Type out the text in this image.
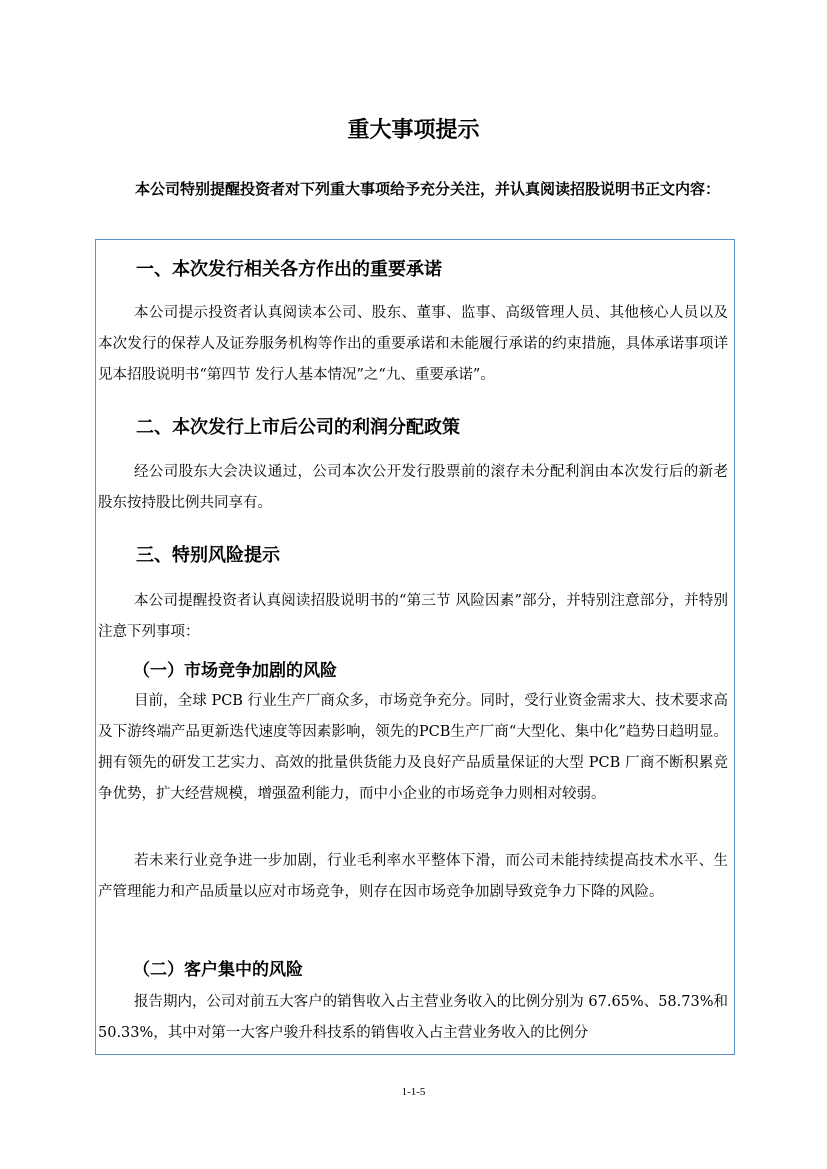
重大事项提示
本公司特别提醒投资者对下列重大事项给予充分关注，并认真阅读招股说明书正文内容：
一、本次发行相关各方作出的重要承诺
本公司提示投资者认真阅读本公司、股东、董事、监事、高级管理人员、其他核心人员以及本次发行的保荐人及证券服务机构等作出的重要承诺和未能履行承诺的约束措施，具体承诺事项详见本招股说明书“第四节 发行人基本情况”之“九、重要承诺”。
二、本次发行上市后公司的利润分配政策
经公司股东大会决议通过，公司本次公开发行股票前的滚存未分配利润由本次发行后的新老股东按持股比例共同享有。
三、特别风险提示
本公司提醒投资者认真阅读招股说明书的“第三节 风险因素”部分，并特别注意部分，并特别注意下列事项：
（一）市场竞争加剧的风险
目前，全球 PCB 行业生产厂商众多，市场竞争充分。同时，受行业资金需求大、技术要求高及下游终端产品更新迭代速度等因素影响，领先的PCB生产厂商“大型化、集中化”趋势日趋明显。拥有领先的研发工艺实力、高效的批量供货能力及良好产品质量保证的大型 PCB 厂商不断积累竞争优势，扩大经营规模，增强盈利能力，而中小企业的市场竞争力则相对较弱。
若未来行业竞争进一步加剧，行业毛利率水平整体下滑，而公司未能持续提高技术水平、生产管理能力和产品质量以应对市场竞争，则存在因市场竞争加剧导致竞争力下降的风险。
（二）客户集中的风险
报告期内，公司对前五大客户的销售收入占主营业务收入的比例分别为 67.65%、58.73%和 50.33%，其中对第一大客户骏升科技系的销售收入占主营业务收入的比例分
1-1-5
